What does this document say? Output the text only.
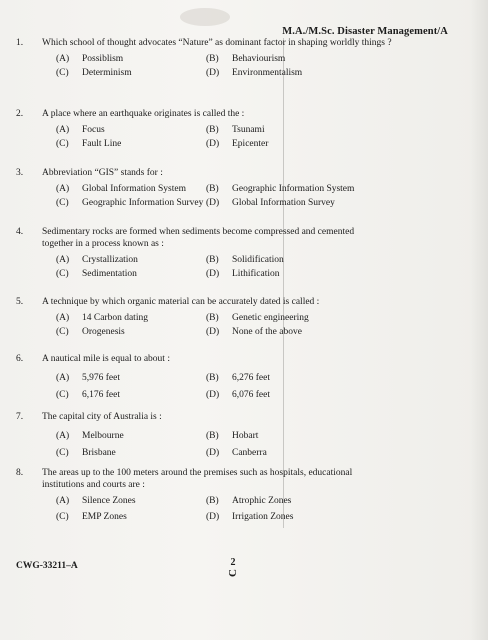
M.A./M.Sc. Disaster Management/A
1.	Which school of thought advocates “Nature” as dominant factor in shaping worldly things ?
(A)	Possiblism	(B)	Behaviourism
(C)	Determinism	(D)	Environmentalism
2.	A place where an earthquake originates is called the :
(A)	Focus	(B)	Tsunami
(C)	Fault Line	(D)	Epicenter
3.	Abbreviation “GIS” stands for :
(A)	Global Information System (B)	Geographic Information System
(C)	Geographic Information Survey (D)	Global Information Survey
4.	Sedimentary rocks are formed when sediments become compressed and cemented together in a process known as :
(A)	Crystallization	(B)	Solidification
(C)	Sedimentation	(D)	Lithification
5.	A technique by which organic material can be accurately dated is called :
(A)	14 Carbon dating	(B)	Genetic engineering
(C)	Orogenesis	(D)	None of the above
6.	A nautical mile is equal to about :
(A)	5,976 feet	(B)	6,276 feet
(C)	6,176 feet	(D)	6,076 feet
7.	The capital city of Australia is :
(A)	Melbourne	(B)	Hobart
(C)	Brisbane	(D)	Canberra
8.	The areas up to the 100 meters around the premises such as hospitals, educational institutions and courts are :
(A)	Silence Zones	(B)	Atrophic Zones
(C)	EMP Zones	(D)	Irrigation Zones
CWG-33211–A	2
C
